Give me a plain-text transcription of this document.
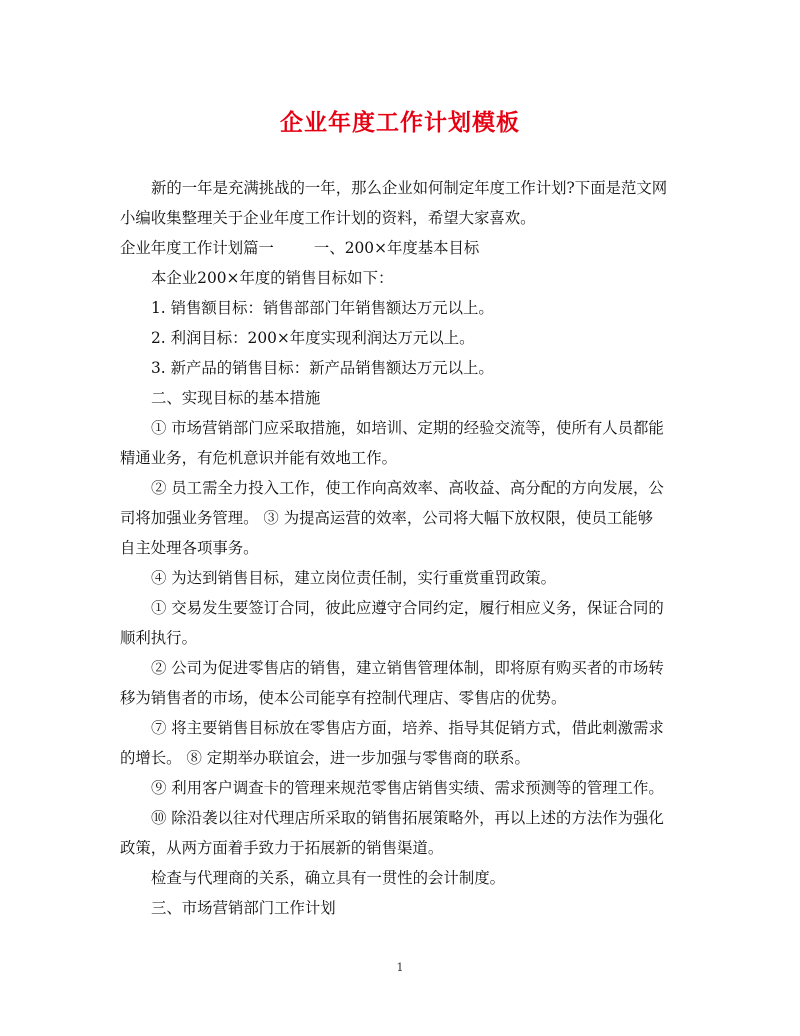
企业年度工作计划模板
新的一年是充满挑战的一年，那么企业如何制定年度工作计划?下面是范文网
小编收集整理关于企业年度工作计划的资料，希望大家喜欢。
企业年度工作计划篇一	一、200×年度基本目标
本企业200×年度的销售目标如下：
1. 销售额目标：销售部部门年销售额达万元以上。
2. 利润目标：200×年度实现利润达万元以上。
3. 新产品的销售目标：新产品销售额达万元以上。
二、实现目标的基本措施
① 市场营销部门应采取措施，如培训、定期的经验交流等，使所有人员都能
精通业务，有危机意识并能有效地工作。
② 员工需全力投入工作，使工作向高效率、高收益、高分配的方向发展，公
司将加强业务管理。 ③ 为提高运营的效率，公司将大幅下放权限，使员工能够
自主处理各项事务。
④ 为达到销售目标，建立岗位责任制，实行重赏重罚政策。
① 交易发生要签订合同，彼此应遵守合同约定，履行相应义务，保证合同的
顺利执行。
② 公司为促进零售店的销售，建立销售管理体制，即将原有购买者的市场转
移为销售者的市场，使本公司能享有控制代理店、零售店的优势。
⑦ 将主要销售目标放在零售店方面，培养、指导其促销方式，借此刺激需求
的增长。 ⑧ 定期举办联谊会，进一步加强与零售商的联系。
⑨ 利用客户调查卡的管理来规范零售店销售实绩、需求预测等的管理工作。
⑩ 除沿袭以往对代理店所采取的销售拓展策略外，再以上述的方法作为强化
政策，从两方面着手致力于拓展新的销售渠道。
检查与代理商的关系，确立具有一贯性的会计制度。
三、市场营销部门工作计划
1
